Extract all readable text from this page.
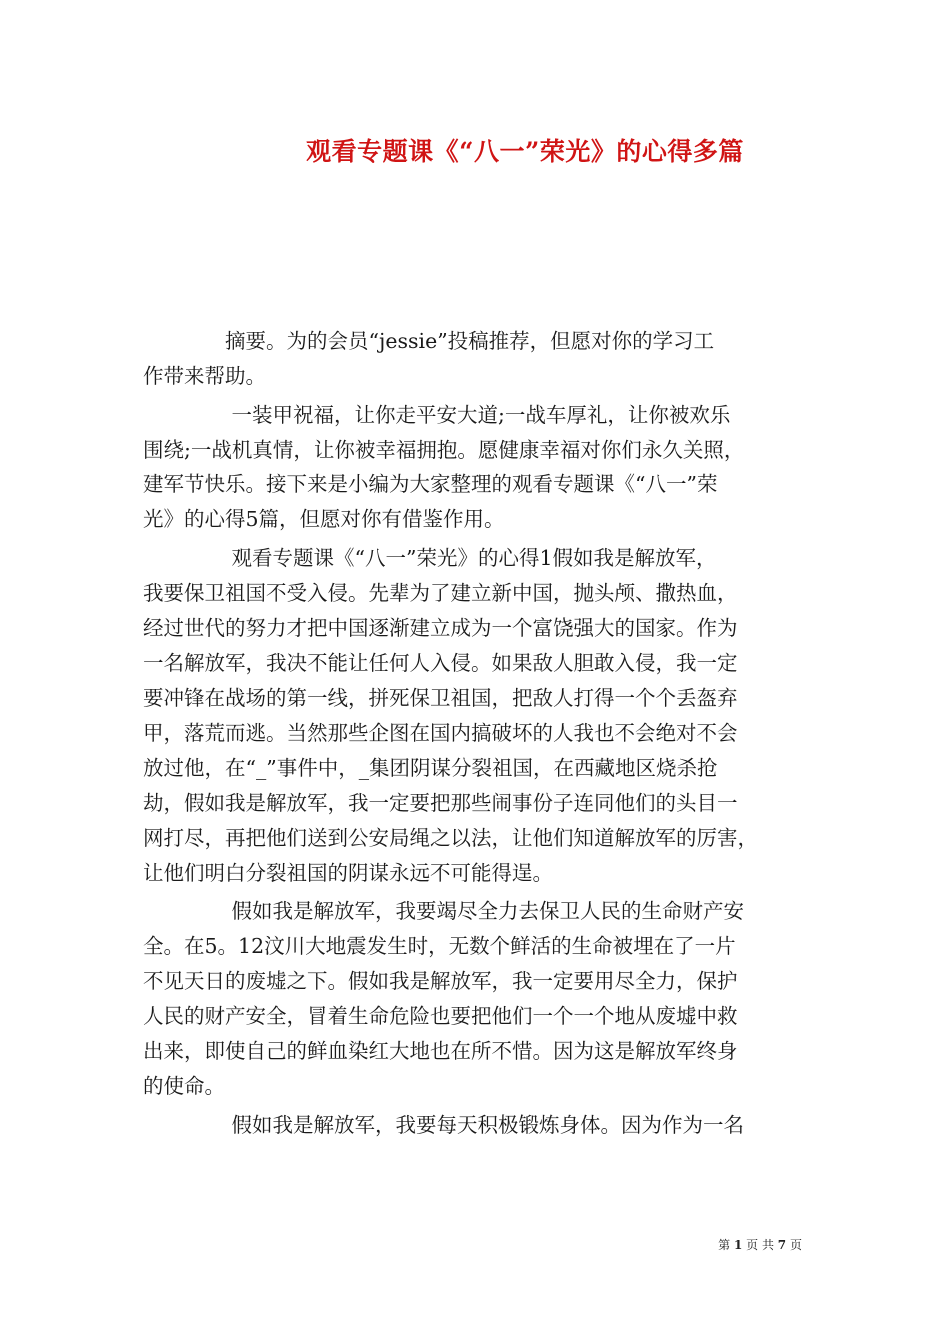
观看专题课《“八一”荣光》的心得多篇
　　　　摘要。为的会员“jessie”投稿推荐，但愿对你的学习工
作带来帮助。
　　　　 一装甲祝福，让你走平安大道;一战车厚礼，让你被欢乐
围绕;一战机真情，让你被幸福拥抱。愿健康幸福对你们永久关照，
建军节快乐。接下来是小编为大家整理的观看专题课《“八一”荣
光》的心得5篇，但愿对你有借鉴作用。
　　　　 观看专题课《“八一”荣光》的心得1假如我是解放军，
我要保卫祖国不受入侵。先辈为了建立新中国，抛头颅、撒热血，
经过世代的努力才把中国逐渐建立成为一个富饶强大的国家。作为
一名解放军，我决不能让任何人入侵。如果敌人胆敢入侵，我一定
要冲锋在战场的第一线，拼死保卫祖国，把敌人打得一个个丢盔弃
甲，落荒而逃。当然那些企图在国内搞破坏的人我也不会绝对不会
放过他，在“_”事件中，_集团阴谋分裂祖国，在西藏地区烧杀抢
劫，假如我是解放军，我一定要把那些闹事份子连同他们的头目一
网打尽，再把他们送到公安局绳之以法，让他们知道解放军的厉害，
让他们明白分裂祖国的阴谋永远不可能得逞。
　　　　 假如我是解放军，我要竭尽全力去保卫人民的生命财产安
全。在5。12汶川大地震发生时，无数个鲜活的生命被埋在了一片
不见天日的废墟之下。假如我是解放军，我一定要用尽全力，保护
人民的财产安全，冒着生命危险也要把他们一个一个地从废墟中救
出来，即使自己的鲜血染红大地也在所不惜。因为这是解放军终身
的使命。
　　　　 假如我是解放军，我要每天积极锻炼身体。因为作为一名
第 1 页 共 7 页
